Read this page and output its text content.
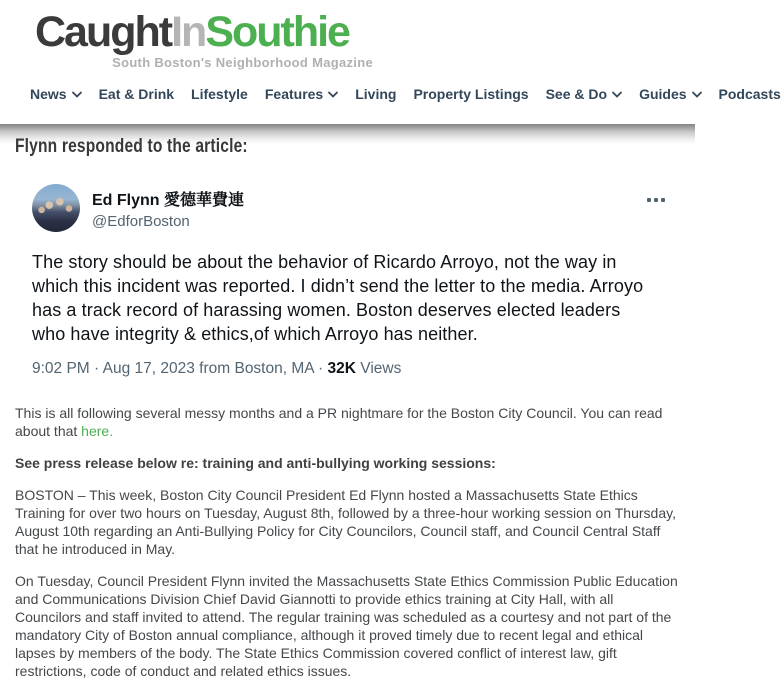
CaughtInSouthie
South Boston's Neighborhood Magazine
News Eat & Drink Lifestyle Features Living Property Listings See & Do Guides Podcasts
Flynn responded to the article:
Ed Flynn 愛德華費連
@EdforBoston

The story should be about the behavior of Ricardo Arroyo, not the way in which this incident was reported. I didn’t send the letter to the media. Arroyo has a track record of harassing women. Boston deserves elected leaders who have integrity & ethics,of which Arroyo has neither.

9:02 PM · Aug 17, 2023 from Boston, MA · 32K Views

This is all following several messy months and a PR nightmare for the Boston City Council. You can read about that here.

See press release below re: training and anti-bullying working sessions:

BOSTON – This week, Boston City Council President Ed Flynn hosted a Massachusetts State Ethics Training for over two hours on Tuesday, August 8th, followed by a three-hour working session on Thursday, August 10th regarding an Anti-Bullying Policy for City Councilors, Council staff, and Council Central Staff that he introduced in May.

On Tuesday, Council President Flynn invited the Massachusetts State Ethics Commission Public Education and Communications Division Chief David Giannotti to provide ethics training at City Hall, with all Councilors and staff invited to attend. The regular training was scheduled as a courtesy and not part of the mandatory City of Boston annual compliance, although it proved timely due to recent legal and ethical lapses by members of the body. The State Ethics Commission covered conflict of interest law, gift restrictions, code of conduct and related ethics issues.
